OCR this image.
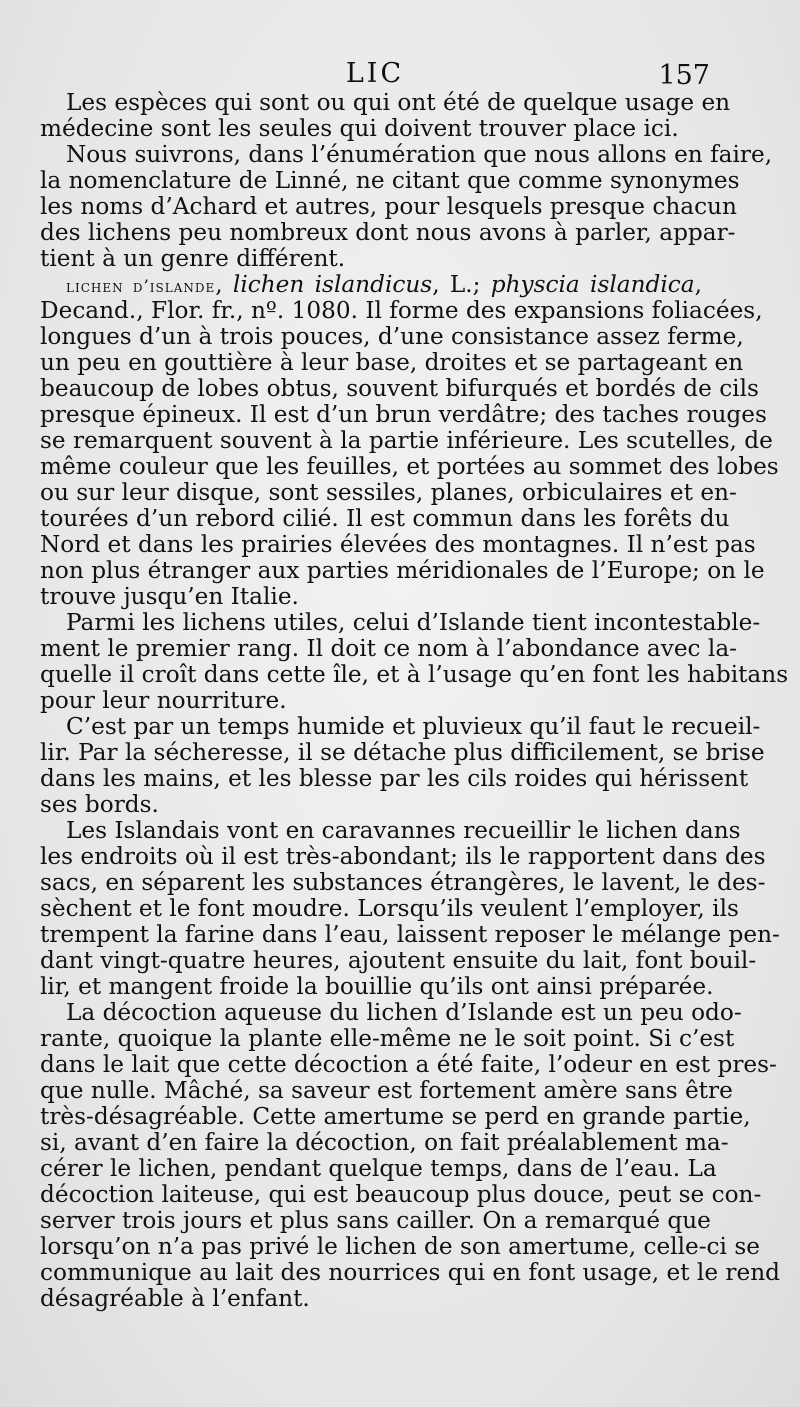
LIC	157
Les espèces qui sont ou qui ont été de quelque usage en
médecine sont les seules qui doivent trouver place ici.
Nous suivrons, dans l’énumération que nous allons en faire,
la nomenclature de Linné, ne citant que comme synonymes
les noms d’Achard et autres, pour lesquels presque chacun
des lichens peu nombreux dont nous avons à parler, appar-
tient à un genre différent.
lichen d’islande, lichen islandicus, L.; physcia islandica,
Decand., Flor. fr., nº. 1080. Il forme des expansions foliacées,
longues d’un à trois pouces, d’une consistance assez ferme,
un peu en gouttière à leur base, droites et se partageant en
beaucoup de lobes obtus, souvent bifurqués et bordés de cils
presque épineux. Il est d’un brun verdâtre; des taches rouges
se remarquent souvent à la partie inférieure. Les scutelles, de
même couleur que les feuilles, et portées au sommet des lobes
ou sur leur disque, sont sessiles, planes, orbiculaires et en-
tourées d’un rebord cilié. Il est commun dans les forêts du
Nord et dans les prairies élevées des montagnes. Il n’est pas
non plus étranger aux parties méridionales de l’Europe; on le
trouve jusqu’en Italie.
Parmi les lichens utiles, celui d’Islande tient incontestable-
ment le premier rang. Il doit ce nom à l’abondance avec la-
quelle il croît dans cette île, et à l’usage qu’en font les habitans
pour leur nourriture.
C’est par un temps humide et pluvieux qu’il faut le recueil-
lir. Par la sécheresse, il se détache plus difficilement, se brise
dans les mains, et les blesse par les cils roides qui hérissent
ses bords.
Les Islandais vont en caravannes recueillir le lichen dans
les endroits où il est très-abondant; ils le rapportent dans des
sacs, en séparent les substances étrangères, le lavent, le des-
sèchent et le font moudre. Lorsqu’ils veulent l’employer, ils
trempent la farine dans l’eau, laissent reposer le mélange pen-
dant vingt-quatre heures, ajoutent ensuite du lait, font bouil-
lir, et mangent froide la bouillie qu’ils ont ainsi préparée.
La décoction aqueuse du lichen d’Islande est un peu odo-
rante, quoique la plante elle-même ne le soit point. Si c’est
dans le lait que cette décoction a été faite, l’odeur en est pres-
que nulle. Mâché, sa saveur est fortement amère sans être
très-désagréable. Cette amertume se perd en grande partie,
si, avant d’en faire la décoction, on fait préalablement ma-
cérer le lichen, pendant quelque temps, dans de l’eau. La
décoction laiteuse, qui est beaucoup plus douce, peut se con-
server trois jours et plus sans cailler. On a remarqué que
lorsqu’on n’a pas privé le lichen de son amertume, celle-ci se
communique au lait des nourrices qui en font usage, et le rend
désagréable à l’enfant.
